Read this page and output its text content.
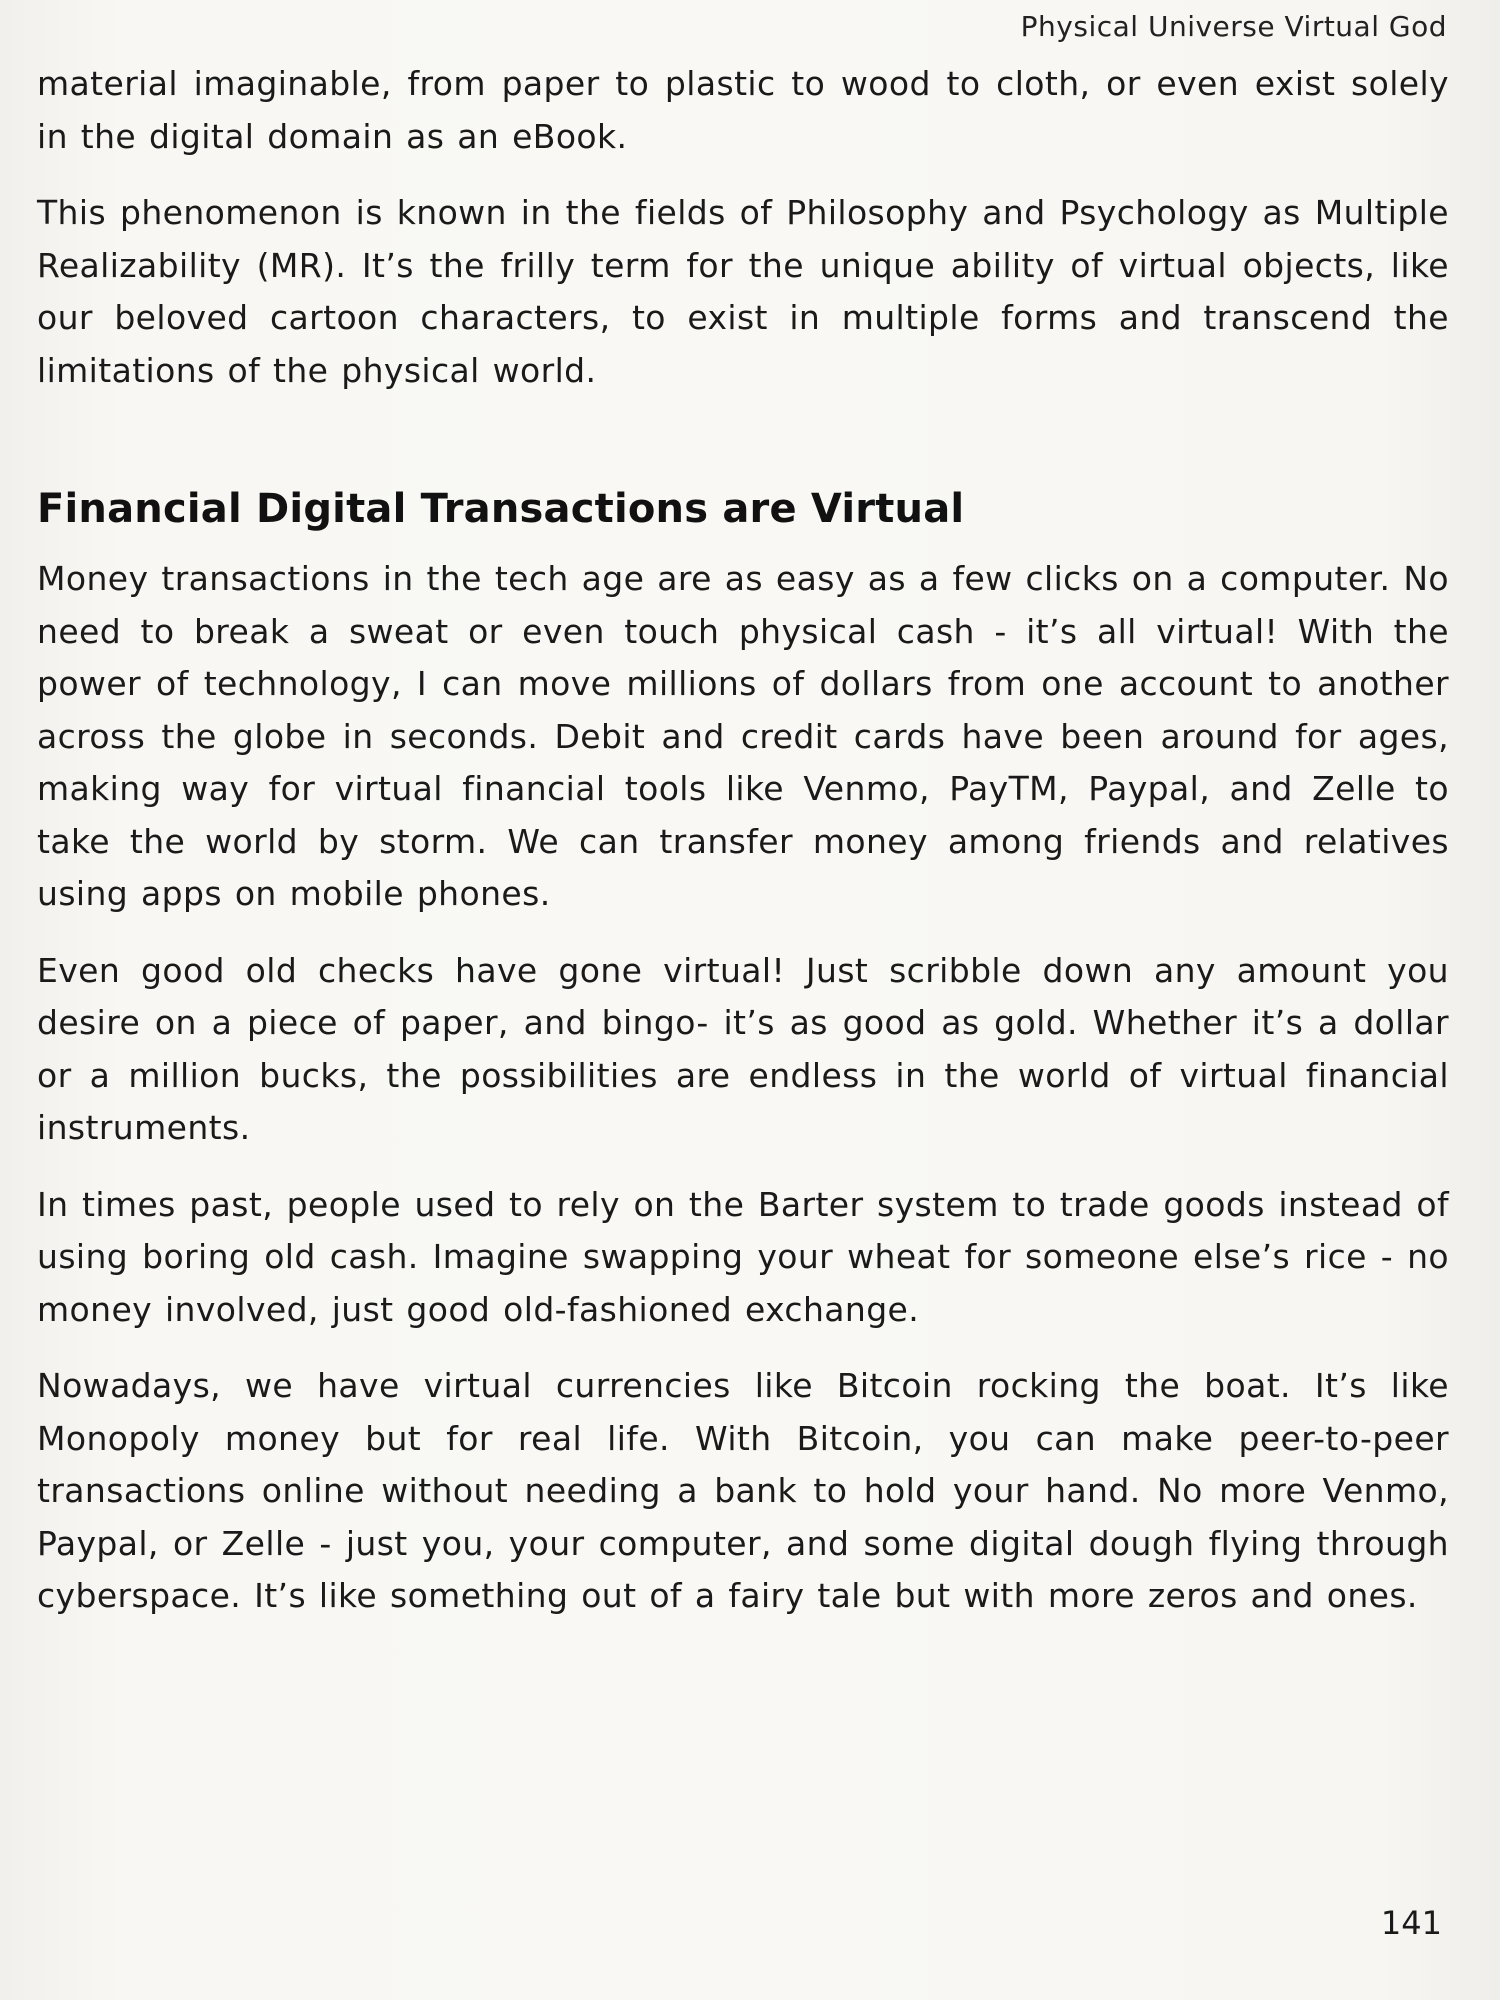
Physical Universe Virtual God

material imaginable, from paper to plastic to wood to cloth, or even exist solely in the digital domain as an eBook.

This phenomenon is known in the fields of Philosophy and Psychology as Multiple Realizability (MR). It’s the frilly term for the unique ability of virtual objects, like our beloved cartoon characters, to exist in multiple forms and transcend the limitations of the physical world.

Financial Digital Transactions are Virtual

Money transactions in the tech age are as easy as a few clicks on a computer. No need to break a sweat or even touch physical cash - it’s all virtual! With the power of technology, I can move millions of dollars from one account to another across the globe in seconds. Debit and credit cards have been around for ages, making way for virtual financial tools like Venmo, PayTM, Paypal, and Zelle to take the world by storm. We can transfer money among friends and relatives using apps on mobile phones.

Even good old checks have gone virtual! Just scribble down any amount you desire on a piece of paper, and bingo- it’s as good as gold. Whether it’s a dollar or a million bucks, the possibilities are endless in the world of virtual financial instruments.

In times past, people used to rely on the Barter system to trade goods instead of using boring old cash. Imagine swapping your wheat for someone else’s rice - no money involved, just good old-fashioned exchange.

Nowadays, we have virtual currencies like Bitcoin rocking the boat. It’s like Monopoly money but for real life. With Bitcoin, you can make peer-to-peer transactions online without needing a bank to hold your hand. No more Venmo, Paypal, or Zelle - just you, your computer, and some digital dough flying through cyberspace. It’s like something out of a fairy tale but with more zeros and ones.

141
